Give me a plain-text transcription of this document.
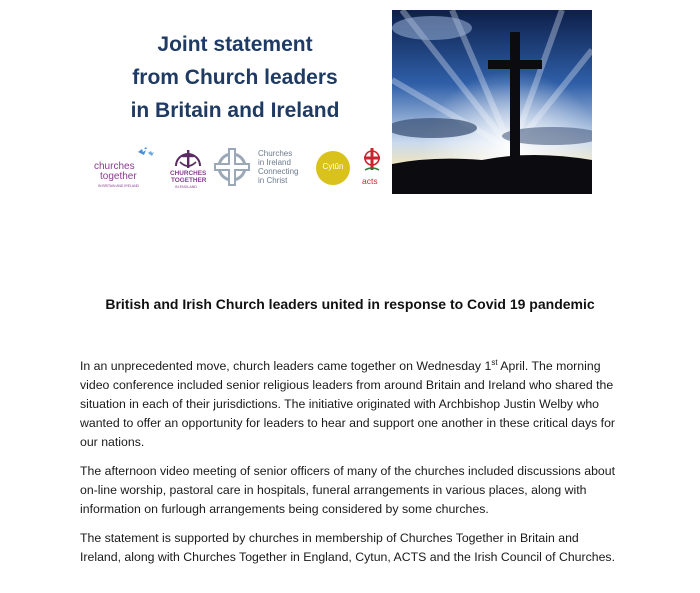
Joint statement
from Church leaders
in Britain and Ireland
churches
together
IN BRITAIN AND IRELAND
CHURCHES
TOGETHER
IN ENGLAND
Churches
in Ireland
Connecting
in Christ
Cytûn
acts
British and Irish Church leaders united in response to Covid 19 pandemic

In an unprecedented move, church leaders came together on Wednesday 1st April. The morning video conference included senior religious leaders from around Britain and Ireland who shared the situation in each of their jurisdictions. The initiative originated with Archbishop Justin Welby who wanted to offer an opportunity for leaders to hear and support one another in these critical days for our nations.

The afternoon video meeting of senior officers of many of the churches included discussions about on-line worship, pastoral care in hospitals, funeral arrangements in various places, along with information on furlough arrangements being considered by some churches.

The statement is supported by churches in membership of Churches Together in Britain and Ireland, along with Churches Together in England, Cytun, ACTS and the Irish Council of Churches.
